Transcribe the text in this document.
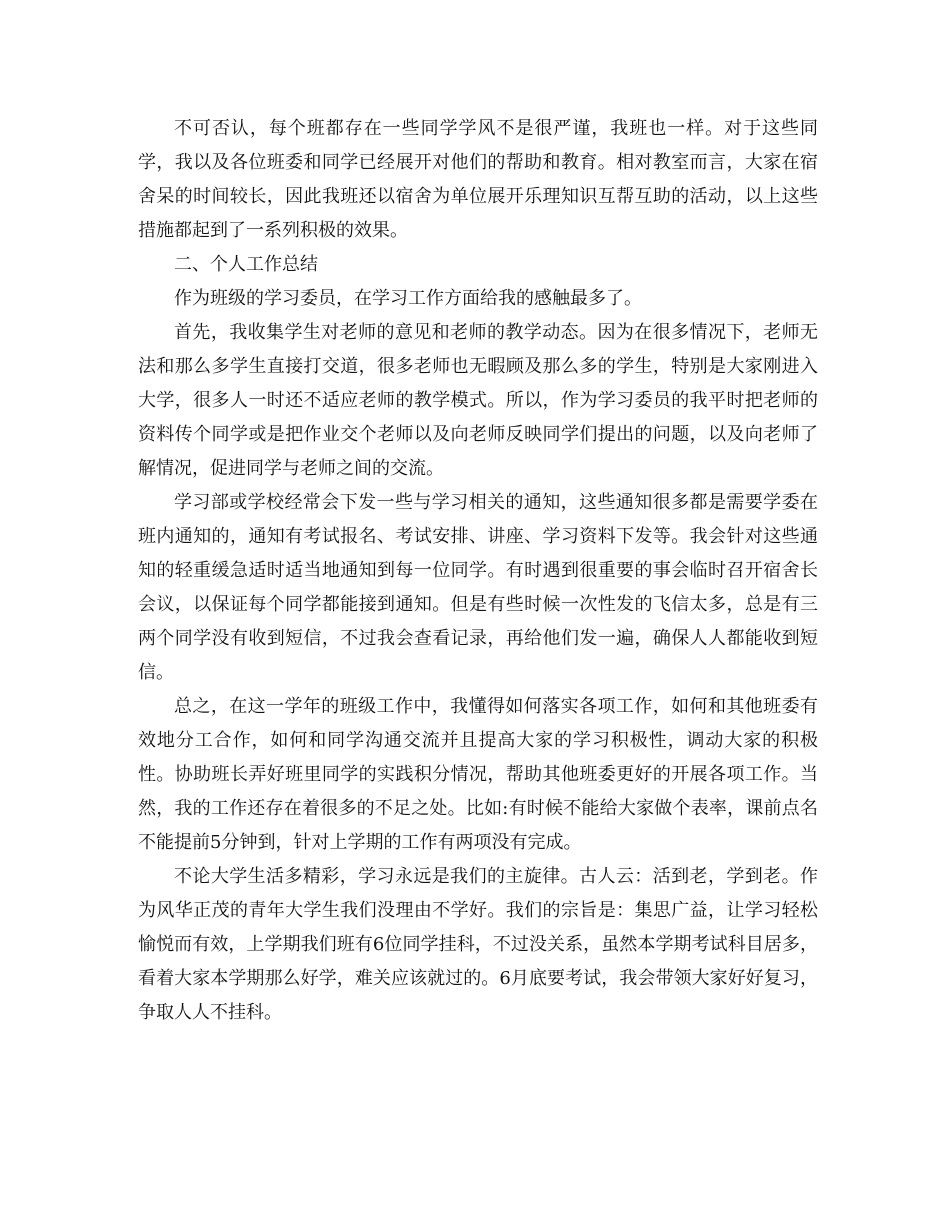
不可否认，每个班都存在一些同学学风不是很严谨，我班也一样。对于这些同学，我以及各位班委和同学已经展开对他们的帮助和教育。相对教室而言，大家在宿舍呆的时间较长，因此我班还以宿舍为单位展开乐理知识互帮互助的活动，以上这些措施都起到了一系列积极的效果。

二、个人工作总结

作为班级的学习委员，在学习工作方面给我的感触最多了。

首先，我收集学生对老师的意见和老师的教学动态。因为在很多情况下，老师无法和那么多学生直接打交道，很多老师也无暇顾及那么多的学生，特别是大家刚进入大学，很多人一时还不适应老师的教学模式。所以，作为学习委员的我平时把老师的资料传个同学或是把作业交个老师以及向老师反映同学们提出的问题，以及向老师了解情况，促进同学与老师之间的交流。

学习部或学校经常会下发一些与学习相关的通知，这些通知很多都是需要学委在班内通知的，通知有考试报名、考试安排、讲座、学习资料下发等。我会针对这些通知的轻重缓急适时适当地通知到每一位同学。有时遇到很重要的事会临时召开宿舍长会议，以保证每个同学都能接到通知。但是有些时候一次性发的飞信太多，总是有三两个同学没有收到短信，不过我会查看记录，再给他们发一遍，确保人人都能收到短信。

总之，在这一学年的班级工作中，我懂得如何落实各项工作，如何和其他班委有效地分工合作，如何和同学沟通交流并且提高大家的学习积极性，调动大家的积极性。协助班长弄好班里同学的实践积分情况，帮助其他班委更好的开展各项工作。当然，我的工作还存在着很多的不足之处。比如:有时候不能给大家做个表率，课前点名不能提前5分钟到，针对上学期的工作有两项没有完成。

不论大学生活多精彩，学习永远是我们的主旋律。古人云：活到老，学到老。作为风华正茂的青年大学生我们没理由不学好。我们的宗旨是：集思广益，让学习轻松愉悦而有效，上学期我们班有6位同学挂科，不过没关系，虽然本学期考试科目居多，看着大家本学期那么好学，难关应该就过的。6月底要考试，我会带领大家好好复习，争取人人不挂科。
